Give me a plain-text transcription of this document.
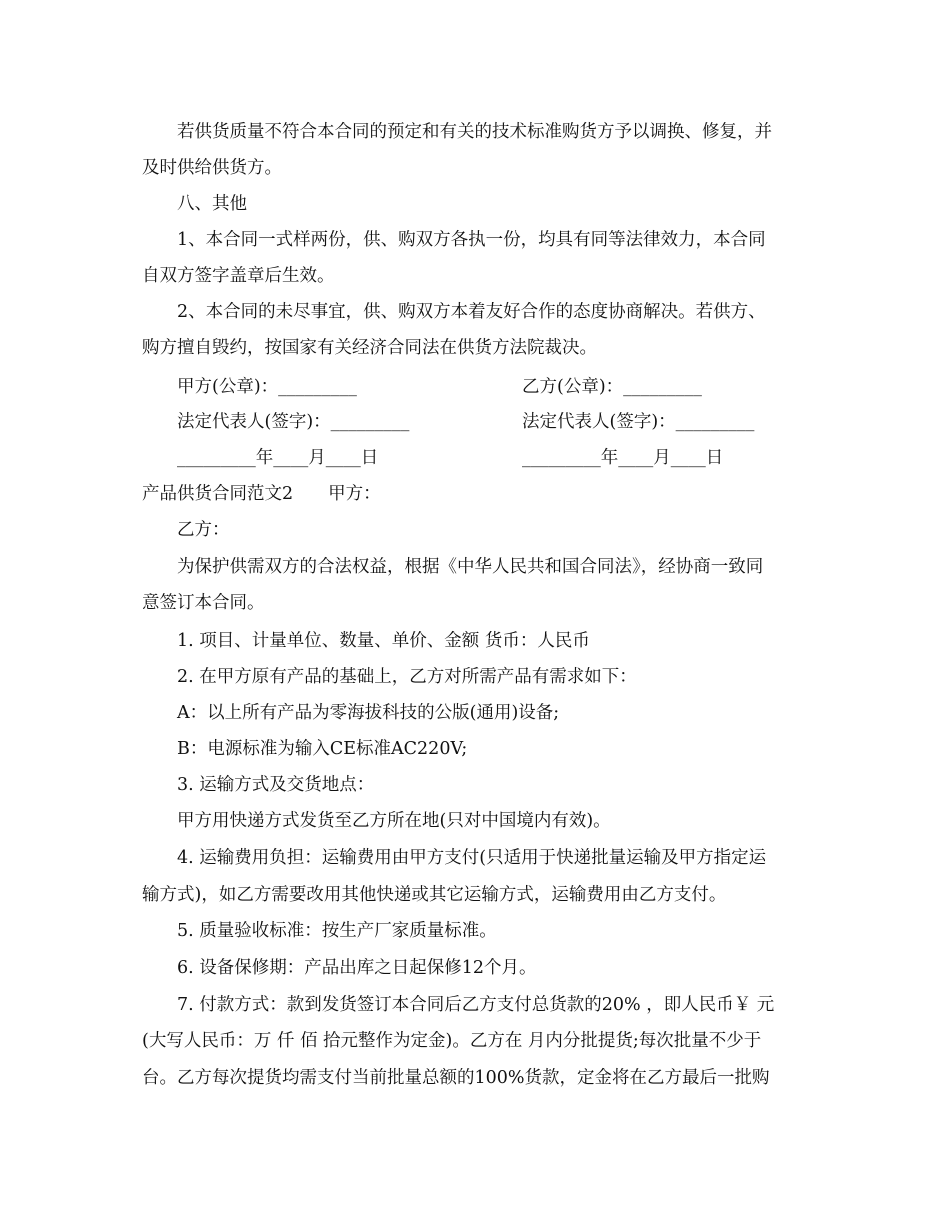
若供货质量不符合本合同的预定和有关的技术标准购货方予以调换、修复，并
及时供给供货方。
八、其他
1、本合同一式样两份，供、购双方各执一份，均具有同等法律效力，本合同
自双方签字盖章后生效。
2、本合同的未尽事宜，供、购双方本着友好合作的态度协商解决。若供方、
购方擅自毁约，按国家有关经济合同法在供货方法院裁决。
甲方(公章)：_________	乙方(公章)：_________
法定代表人(签字)：_________	法定代表人(签字)：_________
_________年____月____日	_________年____月____日
产品供货合同范文2　　甲方：
乙方：
为保护供需双方的合法权益，根据《中华人民共和国合同法》，经协商一致同
意签订本合同。
1. 项目、计量单位、数量、单价、金额 货币：人民币
2. 在甲方原有产品的基础上，乙方对所需产品有需求如下：
A：以上所有产品为零海拔科技的公版(通用)设备;
B：电源标准为输入CE标准AC220V;
3. 运输方式及交货地点：
甲方用快递方式发货至乙方所在地(只对中国境内有效)。
4. 运输费用负担：运输费用由甲方支付(只适用于快递批量运输及甲方指定运
输方式)，如乙方需要改用其他快递或其它运输方式，运输费用由乙方支付。
5. 质量验收标准：按生产厂家质量标准。
6. 设备保修期：产品出库之日起保修12个月。
7. 付款方式：款到发货签订本合同后乙方支付总货款的20% ，即人民币￥ 元
(大写人民币：万 仟 佰 拾元整作为定金)。乙方在 月内分批提货;每次批量不少于
台。乙方每次提货均需支付当前批量总额的100%货款，定金将在乙方最后一批购
